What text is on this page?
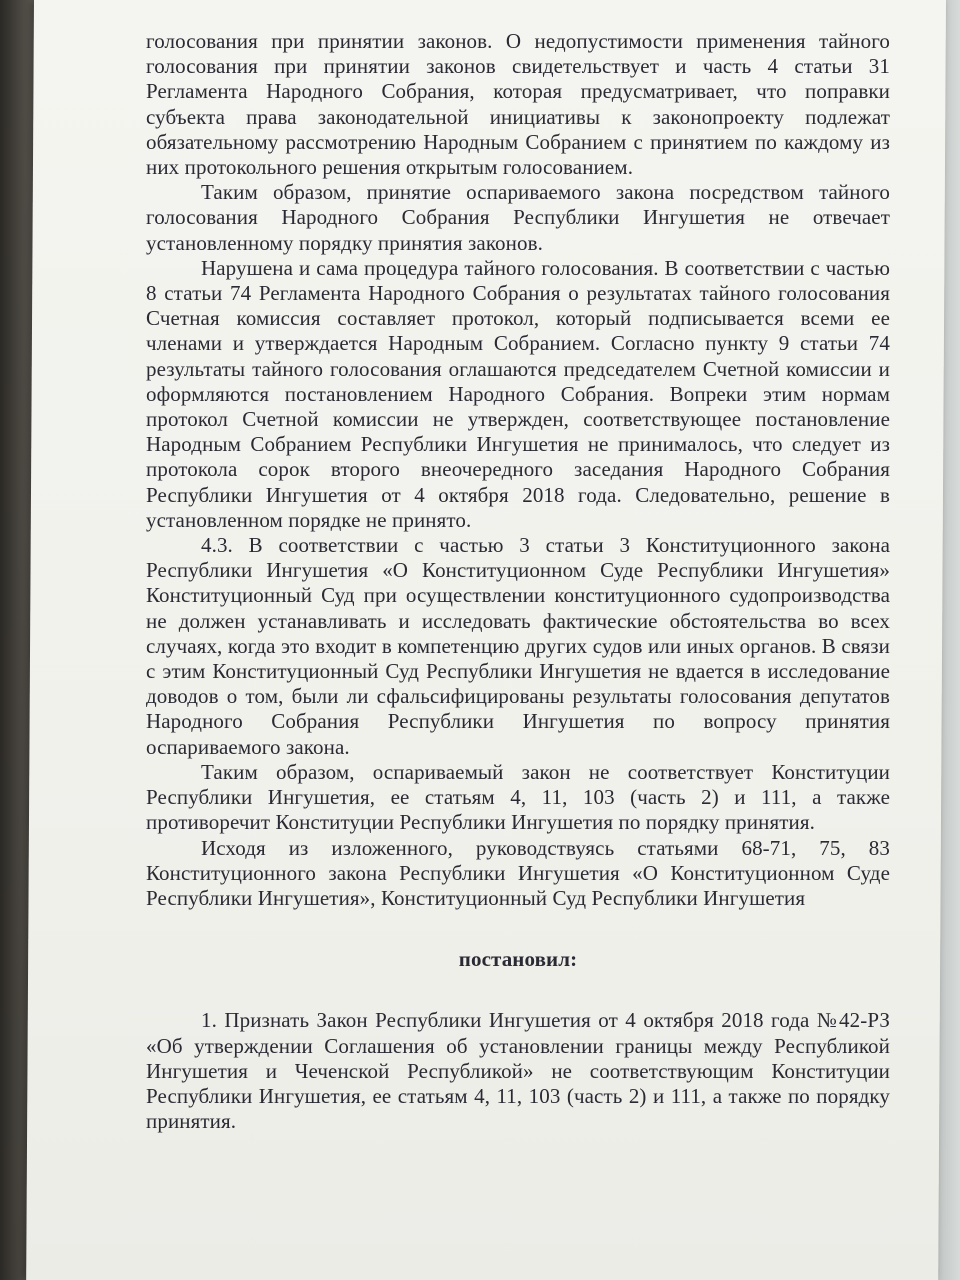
голосования при принятии законов. О недопустимости применения тайного голосования при принятии законов свидетельствует и часть 4 статьи 31 Регламента Народного Собрания, которая предусматривает, что поправки субъекта права законодательной инициативы к законопроекту подлежат обязательному рассмотрению Народным Собранием с принятием по каждому из них протокольного решения открытым голосованием.

Таким образом, принятие оспариваемого закона посредством тайного голосования Народного Собрания Республики Ингушетия не отвечает установленному порядку принятия законов.

Нарушена и сама процедура тайного голосования. В соответствии с частью 8 статьи 74 Регламента Народного Собрания о результатах тайного голосования Счетная комиссия составляет протокол, который подписывается всеми ее членами и утверждается Народным Собранием. Согласно пункту 9 статьи 74 результаты тайного голосования оглашаются председателем Счетной комиссии и оформляются постановлением Народного Собрания. Вопреки этим нормам протокол Счетной комиссии не утвержден, соответствующее постановление Народным Собранием Республики Ингушетия не принималось, что следует из протокола сорок второго внеочередного заседания Народного Собрания Республики Ингушетия от 4 октября 2018 года. Следовательно, решение в установленном порядке не принято.

4.3. В соответствии с частью 3 статьи 3 Конституционного закона Республики Ингушетия «О Конституционном Суде Республики Ингушетия» Конституционный Суд при осуществлении конституционного судопроизводства не должен устанавливать и исследовать фактические обстоятельства во всех случаях, когда это входит в компетенцию других судов или иных органов. В связи с этим Конституционный Суд Республики Ингушетия не вдается в исследование доводов о том, были ли сфальсифицированы результаты голосования депутатов Народного Собрания Республики Ингушетия по вопросу принятия оспариваемого закона.

Таким образом, оспариваемый закон не соответствует Конституции Республики Ингушетия, ее статьям 4, 11, 103 (часть 2) и 111, а также противоречит Конституции Республики Ингушетия по порядку принятия.

Исходя из изложенного, руководствуясь статьями 68-71, 75, 83 Конституционного закона Республики Ингушетия «О Конституционном Суде Республики Ингушетия», Конституционный Суд Республики Ингушетия

постановил:

1. Признать Закон Республики Ингушетия от 4 октября 2018 года №42-РЗ «Об утверждении Соглашения об установлении границы между Республикой Ингушетия и Чеченской Республикой» не соответствующим Конституции Республики Ингушетия, ее статьям 4, 11, 103 (часть 2) и 111, а также по порядку принятия.
